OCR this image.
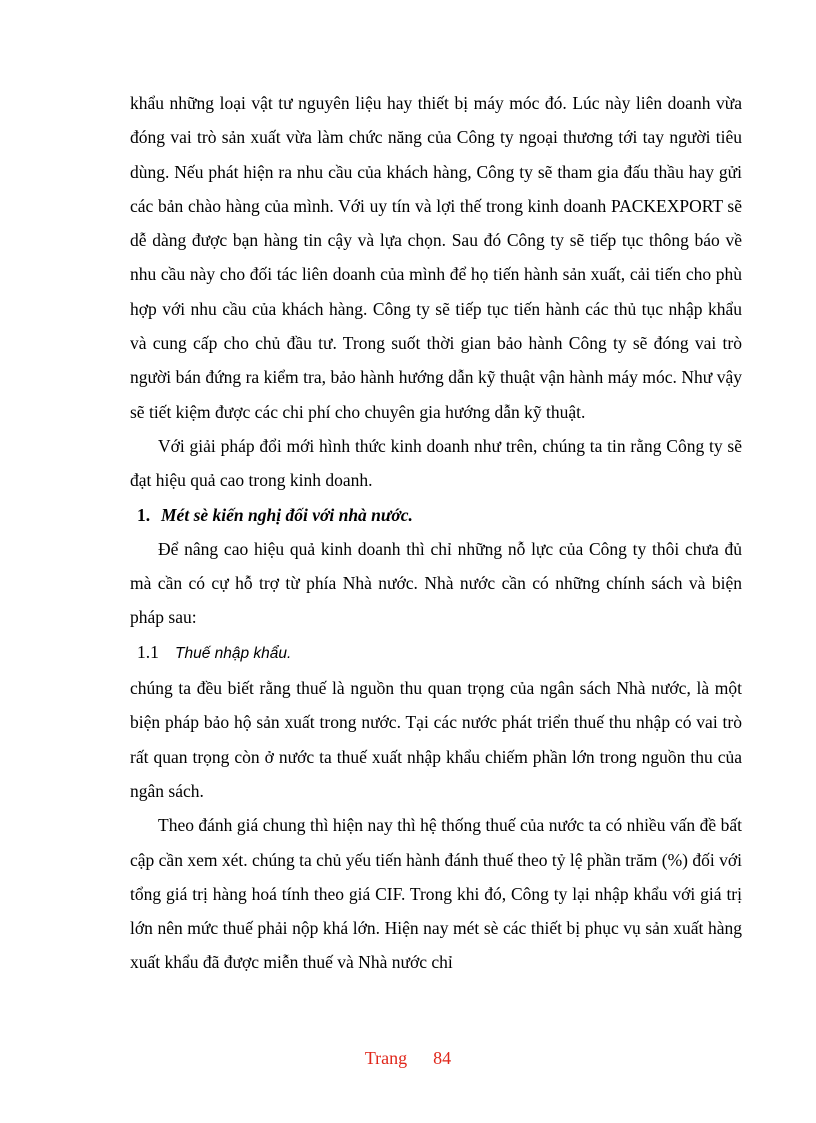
khẩu những loại vật tư nguyên liệu hay thiết bị máy móc đó. Lúc này liên doanh vừa đóng vai trò sản xuất vừa làm chức năng của Công ty ngoại thương tới tay người tiêu dùng. Nếu phát hiện ra nhu cầu của khách hàng, Công ty sẽ tham gia đấu thầu hay gửi các bản chào hàng của mình. Với uy tín và lợi thế trong kinh doanh PACKEXPORT sẽ dễ dàng được bạn hàng tin cậy và lựa chọn. Sau đó Công ty sẽ tiếp tục thông báo về nhu cầu này cho đối tác liên doanh của mình để họ tiến hành sản xuất, cải tiến cho phù hợp với nhu cầu của khách hàng. Công ty sẽ tiếp tục tiến hành các thủ tục nhập khẩu và cung cấp cho chủ đầu tư. Trong suốt thời gian bảo hành Công ty sẽ đóng vai trò người bán đứng ra kiểm tra, bảo hành hướng dẫn kỹ thuật vận hành máy móc. Như vậy sẽ tiết kiệm được các chi phí cho chuyên gia hướng dẫn kỹ thuật.

Với giải pháp đổi mới hình thức kinh doanh như trên, chúng ta tin rằng Công ty sẽ đạt hiệu quả cao trong kinh doanh.

1. Mét sè kiến nghị đối với nhà nước.

Để nâng cao hiệu quả kinh doanh thì chỉ những nỗ lực của Công ty thôi chưa đủ mà cần có cự hỗ trợ từ phía Nhà nước. Nhà nước cần có những chính sách và biện pháp sau:

1.1 Thuế nhập khẩu.

chúng ta đều biết rằng thuế là nguồn thu quan trọng của ngân sách Nhà nước, là một biện pháp bảo hộ sản xuất trong nước. Tại các nước phát triển thuế thu nhập có vai trò rất quan trọng còn ở nước ta thuế xuất nhập khẩu chiếm phần lớn trong nguồn thu của ngân sách.

Theo đánh giá chung thì hiện nay thì hệ thống thuế của nước ta có nhiều vấn đề bất cập cần xem xét. chúng ta chủ yếu tiến hành đánh thuế theo tỷ lệ phần trăm (%) đối với tổng giá trị hàng hoá tính theo giá CIF. Trong khi đó, Công ty lại nhập khẩu với giá trị lớn nên mức thuế phải nộp khá lớn. Hiện nay mét sè các thiết bị phục vụ sản xuất hàng xuất khẩu đã được miễn thuế và Nhà nước chỉ

Trang 84
